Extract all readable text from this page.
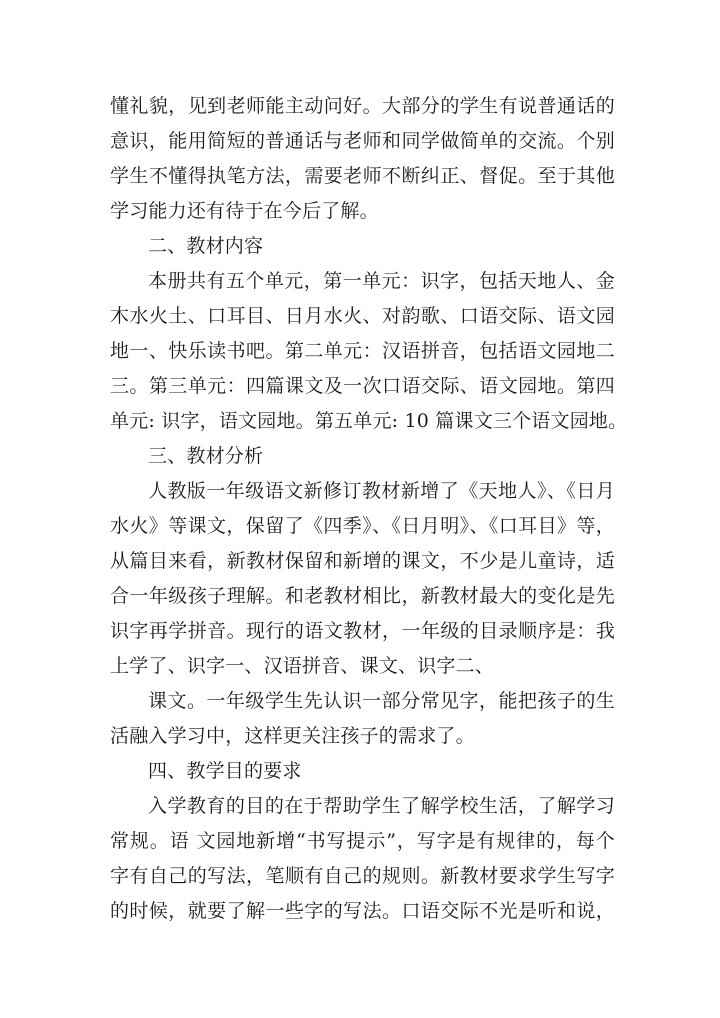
懂礼貌，见到老师能主动问好。大部分的学生有说普通话的
意识，能用简短的普通话与老师和同学做简单的交流。个别
学生不懂得执笔方法，需要老师不断纠正、督促。至于其他
学习能力还有待于在今后了解。
二、教材内容
本册共有五个单元，第一单元：识字，包括天地人、金
木水火土、口耳目、日月水火、对韵歌、口语交际、语文园
地一、快乐读书吧。第二单元：汉语拼音，包括语文园地二
三。第三单元：四篇课文及一次口语交际、语文园地。第四
单元: 识字，语文园地。第五单元: 10 篇课文三个语文园地。
三、教材分析
人教版一年级语文新修订教材新增了《天地人》、《日月
水火》等课文，保留了《四季》、《日月明》、《口耳目》等，
从篇目来看，新教材保留和新增的课文，不少是儿童诗，适
合一年级孩子理解。和老教材相比，新教材最大的变化是先
识字再学拼音。现行的语文教材，一年级的目录顺序是：我
上学了、识字一、汉语拼音、课文、识字二、
课文。一年级学生先认识一部分常见字，能把孩子的生
活融入学习中，这样更关注孩子的需求了。
四、教学目的要求
入学教育的目的在于帮助学生了解学校生活，了解学习
常规。语 文园地新增“书写提示”，写字是有规律的，每个
字有自己的写法，笔顺有自己的规则。新教材要求学生写字
的时候，就要了解一些字的写法。口语交际不光是听和说，
